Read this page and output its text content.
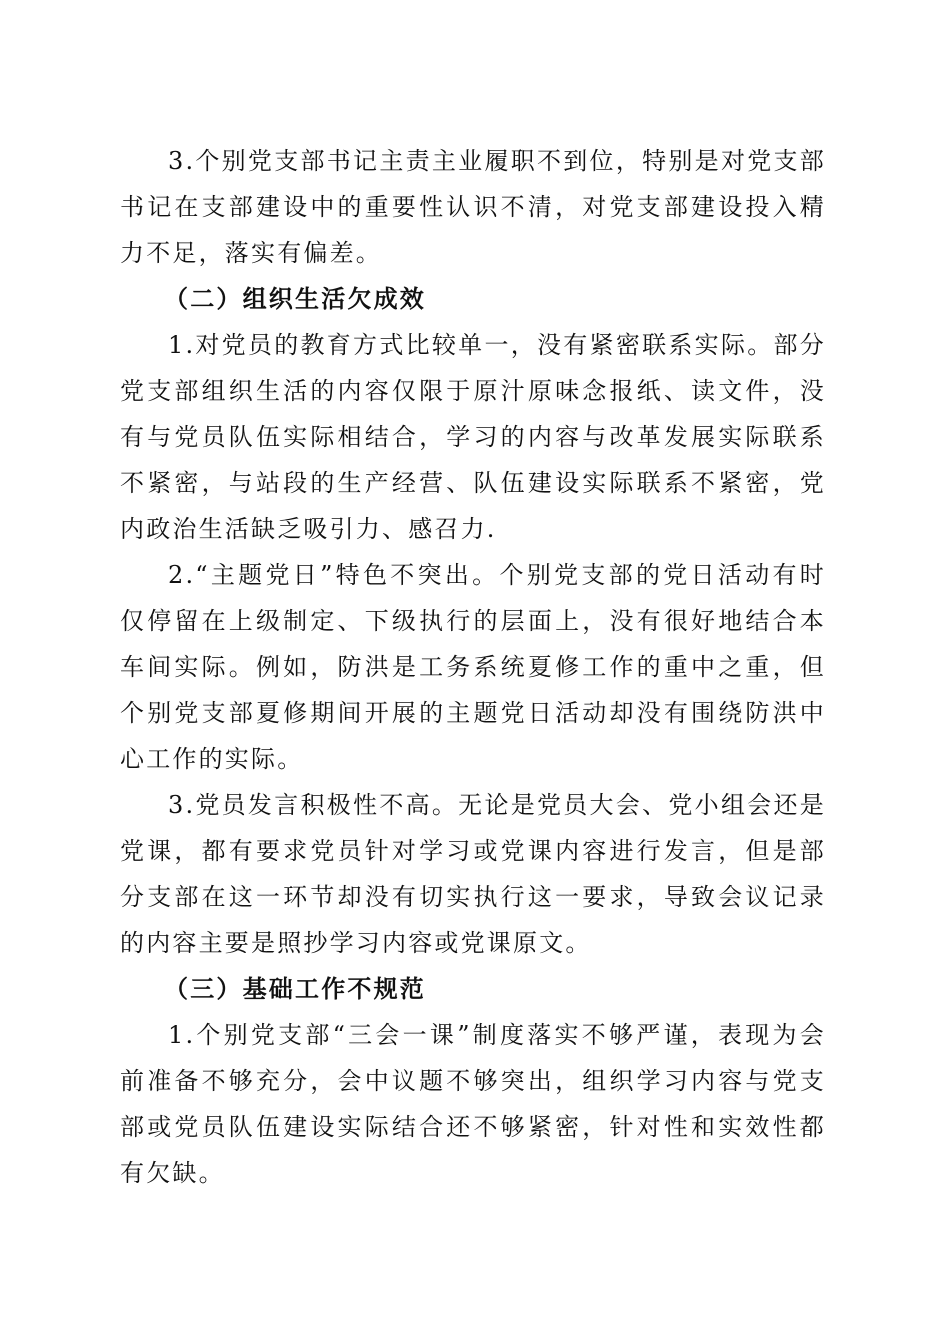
3.个别党支部书记主责主业履职不到位，特别是对党支部书记在支部建设中的重要性认识不清，对党支部建设投入精力不足，落实有偏差。

（二）组织生活欠成效

1.对党员的教育方式比较单一，没有紧密联系实际。部分党支部组织生活的内容仅限于原汁原味念报纸、读文件，没有与党员队伍实际相结合，学习的内容与改革发展实际联系不紧密，与站段的生产经营、队伍建设实际联系不紧密，党内政治生活缺乏吸引力、感召力.

2.“主题党日”特色不突出。个别党支部的党日活动有时仅停留在上级制定、下级执行的层面上，没有很好地结合本车间实际。例如，防洪是工务系统夏修工作的重中之重，但个别党支部夏修期间开展的主题党日活动却没有围绕防洪中心工作的实际。

3.党员发言积极性不高。无论是党员大会、党小组会还是党课，都有要求党员针对学习或党课内容进行发言，但是部分支部在这一环节却没有切实执行这一要求，导致会议记录的内容主要是照抄学习内容或党课原文。

（三）基础工作不规范

1.个别党支部“三会一课”制度落实不够严谨，表现为会前准备不够充分，会中议题不够突出，组织学习内容与党支部或党员队伍建设实际结合还不够紧密，针对性和实效性都有欠缺。
